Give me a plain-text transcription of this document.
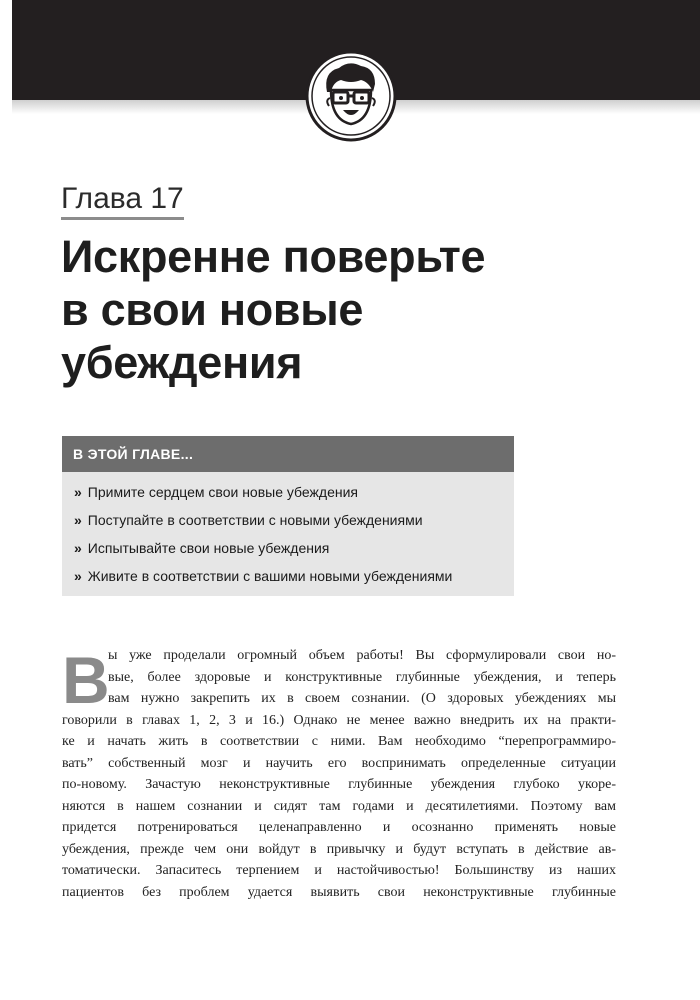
Глава 17
Искренне поверьте
в свои новые
убеждения
В ЭТОЙ ГЛАВЕ...
» Примите сердцем свои новые убеждения
» Поступайте в соответствии с новыми убеждениями
» Испытывайте свои новые убеждения
» Живите в соответствии с вашими новыми убеждениями
В
ы уже проделали огромный объем работы! Вы сформулировали свои но-
вые, более здоровые и конструктивные глубинные убеждения, и теперь
вам нужно закрепить их в своем сознании. (О здоровых убеждениях мы
говорили в главах 1, 2, 3 и 16.) Однако не менее важно внедрить их на практи-
ке и начать жить в соответствии с ними. Вам необходимо “перепрограммиро-
вать” собственный мозг и научить его воспринимать определенные ситуации
по-новому. Зачастую неконструктивные глубинные убеждения глубоко укоре-
няются в нашем сознании и сидят там годами и десятилетиями. Поэтому вам
придется потренироваться целенаправленно и осознанно применять новые
убеждения, прежде чем они войдут в привычку и будут вступать в действие ав-
томатически. Запаситесь терпением и настойчивостью! Большинству из наших
пациентов без проблем удается выявить свои неконструктивные глубинные
